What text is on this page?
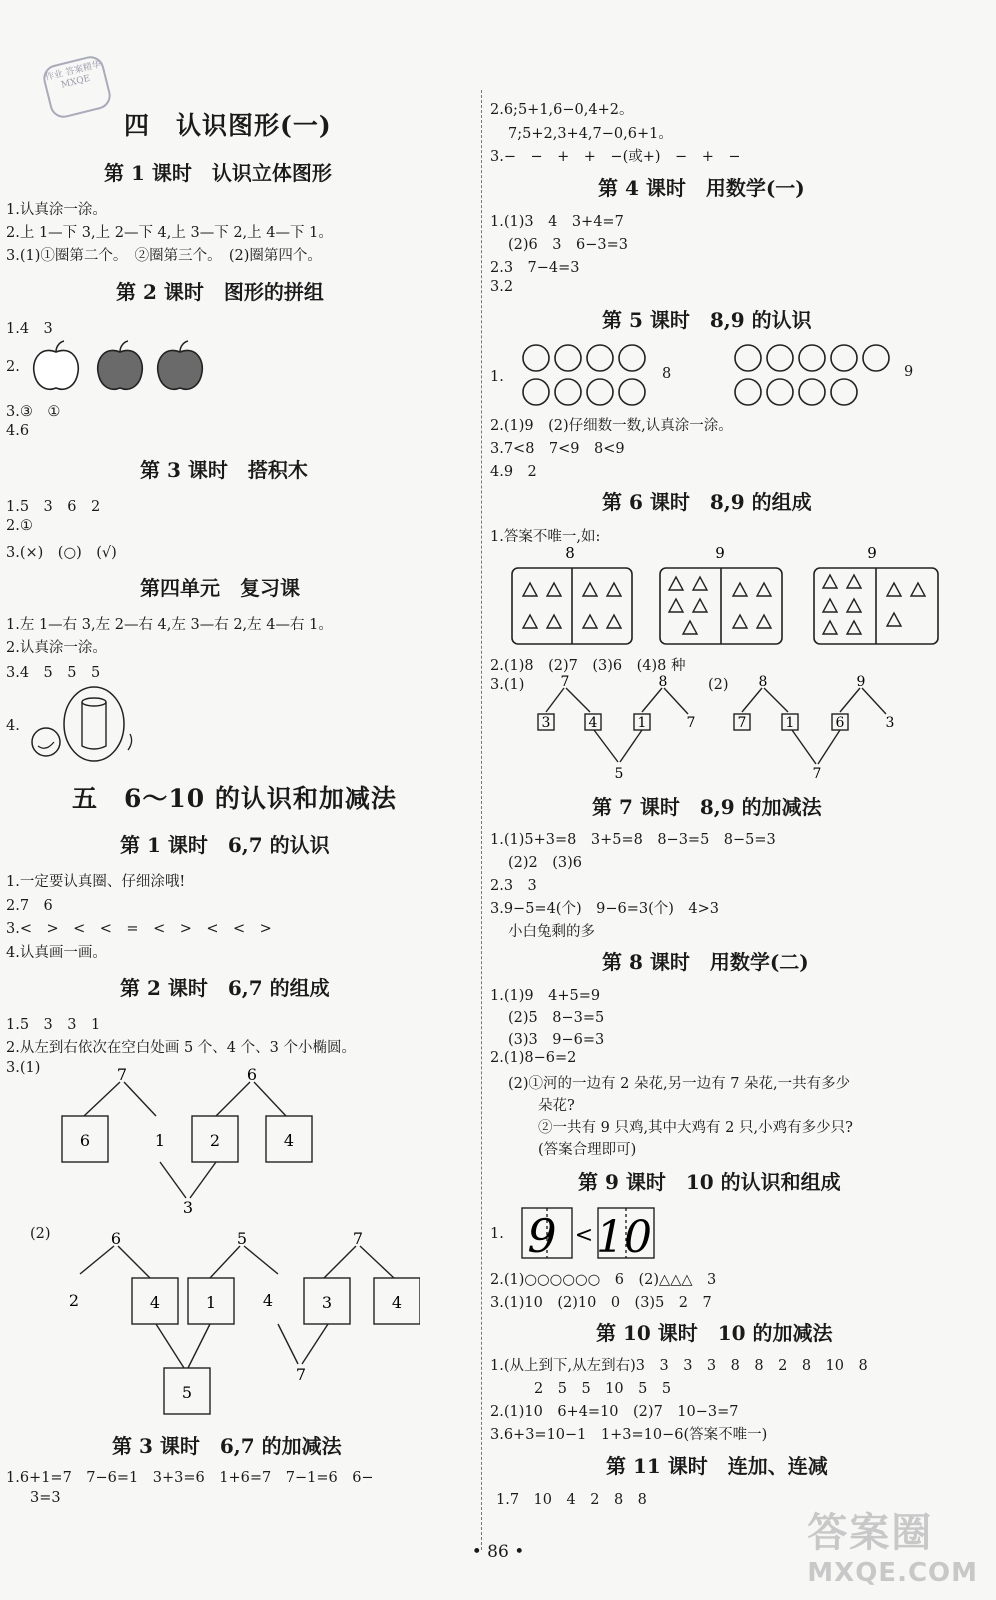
作业 答案精华 MXQE
四　认识图形(一)
第 1 课时　认识立体图形
1.认真涂一涂。
2.上 1—下 3,上 2—下 4,上 3—下 2,上 4—下 1。
3.(1)①圈第二个。　②圈第三个。　(2)圈第四个。
第 2 课时　图形的拼组
1.4　3
2.
3.③　①
4.6
第 3 课时　搭积木
1.5　3　6　2
2.①
3.(×)　(○)　(√)
第四单元　复习课
1.左 1—右 3,左 2—右 4,左 3—右 2,左 4—右 1。
2.认真涂一涂。
3.4　5　5　5
4.
五　6～10 的认识和加减法
第 1 课时　6,7 的认识
1.一定要认真圈、仔细涂哦!
2.7　6
3.<　>　<　<　=　<　>　<　<　>
4.认真画一画。
第 2 课时　6,7 的组成
1.5　3　3　1
2.从左到右依次在空白处画 5 个、4 个、3 个小椭圆。
3.(1)	7	6
6	2	4
1
3
(2)	6	5	7
2	4	1	4	3	4
5
7
第 3 课时　6,7 的加减法
1.6+1=7　7−6=1　3+3=6　1+6=7　7−1=6　6−
3=3
2.6;5+1,6−0,4+2。
7;5+2,3+4,7−0,6+1。
3.−　−　+　+　−(或+)　−　+　−
第 4 课时　用数学(一)
1.(1)3　4　3+4=7
(2)6　3　6−3=3
2.3　7−4=3
3.2
第 5 课时　8,9 的认识
1.	8	9
2.(1)9　(2)仔细数一数,认真涂一涂。
3.7<8　7<9　8<9
4.9　2
第 6 课时　8,9 的组成
1.答案不唯一,如:
8	9	9
2.(1)8　(2)7　(3)6　(4)8 种
3.(1)	(2)
7
3	4
8
1	7
5
8
7	1
9
6	3
7
第 7 课时　8,9 的加减法
1.(1)5+3=8　3+5=8　8−3=5　8−5=3
(2)2　(3)6
2.3　3
3.9−5=4(个)　9−6=3(个)　4>3
小白兔剩的多
第 8 课时　用数学(二)
1.(1)9　4+5=9
(2)5　8−3=5
(3)3　9−6=3
2.(1)8−6=2
(2)①河的一边有 2 朵花,另一边有 7 朵花,一共有多少
朵花?
②一共有 9 只鸡,其中大鸡有 2 只,小鸡有多少只?
(答案合理即可)
第 9 课时　10 的认识和组成
1. 9 < 10
2.(1)○○○○○○　6　(2)△△△　3
3.(1)10　(2)10　0　(3)5　2　7
第 10 课时　10 的加减法
1.(从上到下,从左到右)3　3　3　3　8　8　2　8　10　8
2　5　5　10　5　5
2.(1)10　6+4=10　(2)7　10−3=7
3.6+3=10−1　1+3=10−6(答案不唯一)
第 11 课时　连加、连减
1.7　10　4　2　8　8
• 86 •	答案圈
MXQE.COM
